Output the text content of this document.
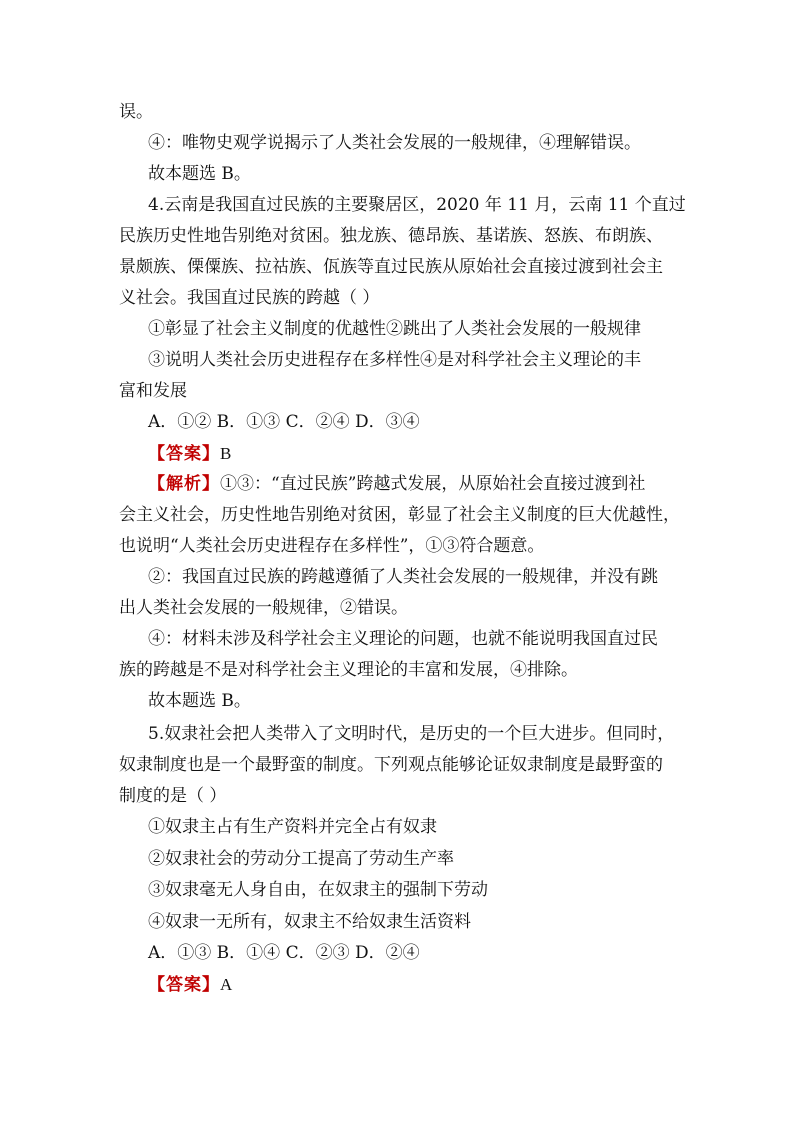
误。
④：唯物史观学说揭示了人类社会发展的一般规律，④理解错误。
故本题选 B。
4.云南是我国直过民族的主要聚居区，2020 年 11 月，云南 11 个直过
民族历史性地告别绝对贫困。独龙族、德昂族、基诺族、怒族、布朗族、
景颇族、傈僳族、拉祜族、佤族等直过民族从原始社会直接过渡到社会主
义社会。我国直过民族的跨越（ ）
①彰显了社会主义制度的优越性②跳出了人类社会发展的一般规律
③说明人类社会历史进程存在多样性④是对科学社会主义理论的丰
富和发展
A．①② B．①③ C．②④ D．③④
【答案】B
【解析】①③：“直过民族”跨越式发展，从原始社会直接过渡到社
会主义社会，历史性地告别绝对贫困，彰显了社会主义制度的巨大优越性，
也说明“人类社会历史进程存在多样性”，①③符合题意。
②：我国直过民族的跨越遵循了人类社会发展的一般规律，并没有跳
出人类社会发展的一般规律，②错误。
④：材料未涉及科学社会主义理论的问题，也就不能说明我国直过民
族的跨越是不是对科学社会主义理论的丰富和发展，④排除。
故本题选 B。
5.奴隶社会把人类带入了文明时代，是历史的一个巨大进步。但同时，
奴隶制度也是一个最野蛮的制度。下列观点能够论证奴隶制度是最野蛮的
制度的是（ ）
①奴隶主占有生产资料并完全占有奴隶
②奴隶社会的劳动分工提高了劳动生产率
③奴隶毫无人身自由，在奴隶主的强制下劳动
④奴隶一无所有，奴隶主不给奴隶生活资料
A．①③ B．①④ C．②③ D．②④
【答案】A
